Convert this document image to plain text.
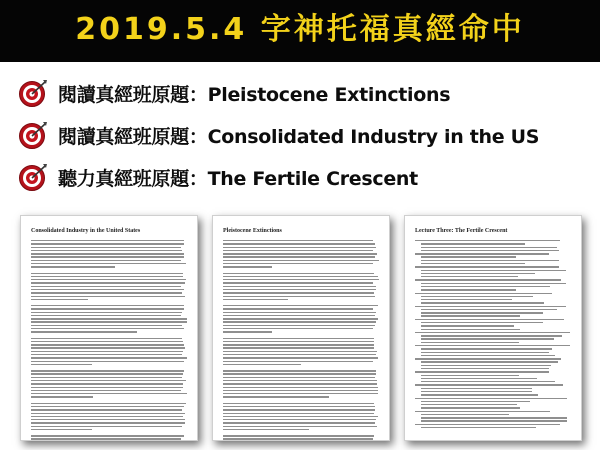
2019.5.4 字神托福真經命中
閱讀真經班原題：Pleistocene Extinctions
閱讀真經班原題：Consolidated Industry in the US
聽力真經班原題：The Fertile Crescent
Consolidated Industry in the United States	Pleistocene Extinctions	Lecture Three: The Fertile Crescent
